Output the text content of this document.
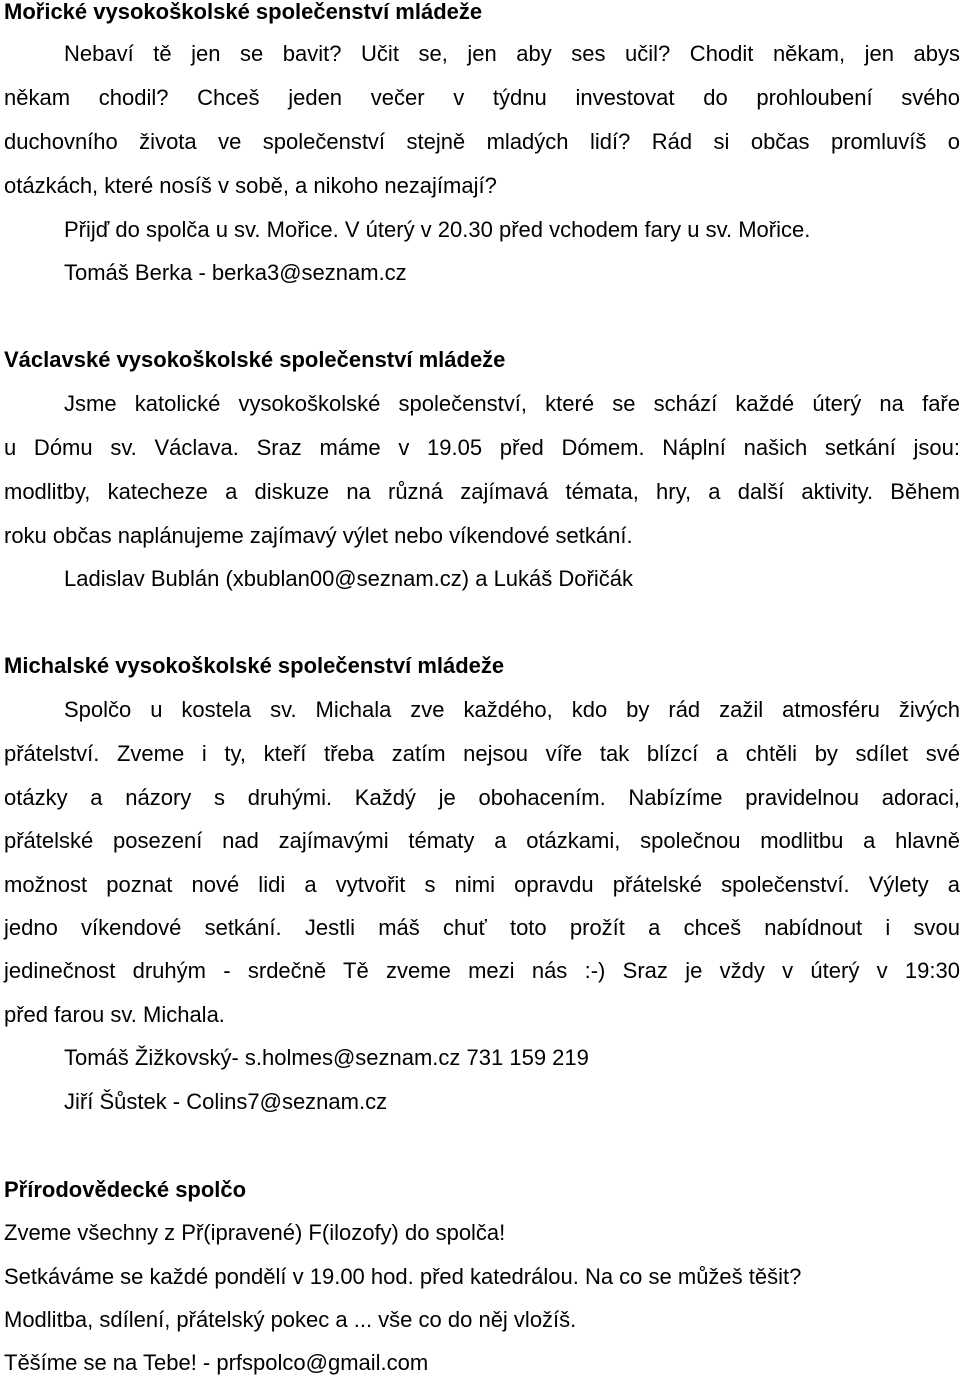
Mořické vysokoškolské společenství mládeže
Nebaví tě jen se bavit? Učit se, jen aby ses učil? Chodit někam, jen abys
někam chodil? Chceš jeden večer v týdnu investovat do prohloubení svého
duchovního života ve společenství stejně mladých lidí? Rád si občas promluvíš o
otázkách, které nosíš v sobě, a nikoho nezajímají?
Přijď do spolča u sv. Mořice. V úterý v 20.30 před vchodem fary u sv. Mořice.
Tomáš Berka - berka3@seznam.cz
Václavské vysokoškolské společenství mládeže
Jsme katolické vysokoškolské společenství, které se schází každé úterý na faře
u Dómu sv. Václava. Sraz máme v 19.05 před Dómem. Náplní našich setkání jsou:
modlitby, katecheze a diskuze na různá zajímavá témata, hry, a další aktivity. Během
roku občas naplánujeme zajímavý výlet nebo víkendové setkání.
Ladislav Bublán (xbublan00@seznam.cz) a Lukáš Dořičák
Michalské vysokoškolské společenství mládeže
Spolčo u kostela sv. Michala zve každého, kdo by rád zažil atmosféru živých
přátelství. Zveme i ty, kteří třeba zatím nejsou víře tak blízcí a chtěli by sdílet své
otázky a názory s druhými. Každý je obohacením. Nabízíme pravidelnou adoraci,
přátelské posezení nad zajímavými tématy a otázkami, společnou modlitbu a hlavně
možnost poznat nové lidi a vytvořit s nimi opravdu přátelské společenství. Výlety a
jedno víkendové setkání. Jestli máš chuť toto prožít a chceš nabídnout i svou
jedinečnost druhým - srdečně Tě zveme mezi nás :-) Sraz je vždy v úterý v 19:30
před farou sv. Michala.
Tomáš Žižkovský- s.holmes@seznam.cz 731 159 219
Jiří Šůstek - Colins7@seznam.cz
Přírodovědecké spolčo
Zveme všechny z Př(ipravené) F(ilozofy) do spolča!
Setkáváme se každé pondělí v 19.00 hod. před katedrálou. Na co se můžeš těšit?
Modlitba, sdílení, přátelský pokec a ... vše co do něj vložíš.
Těšíme se na Tebe! - prfspolco@gmail.com
